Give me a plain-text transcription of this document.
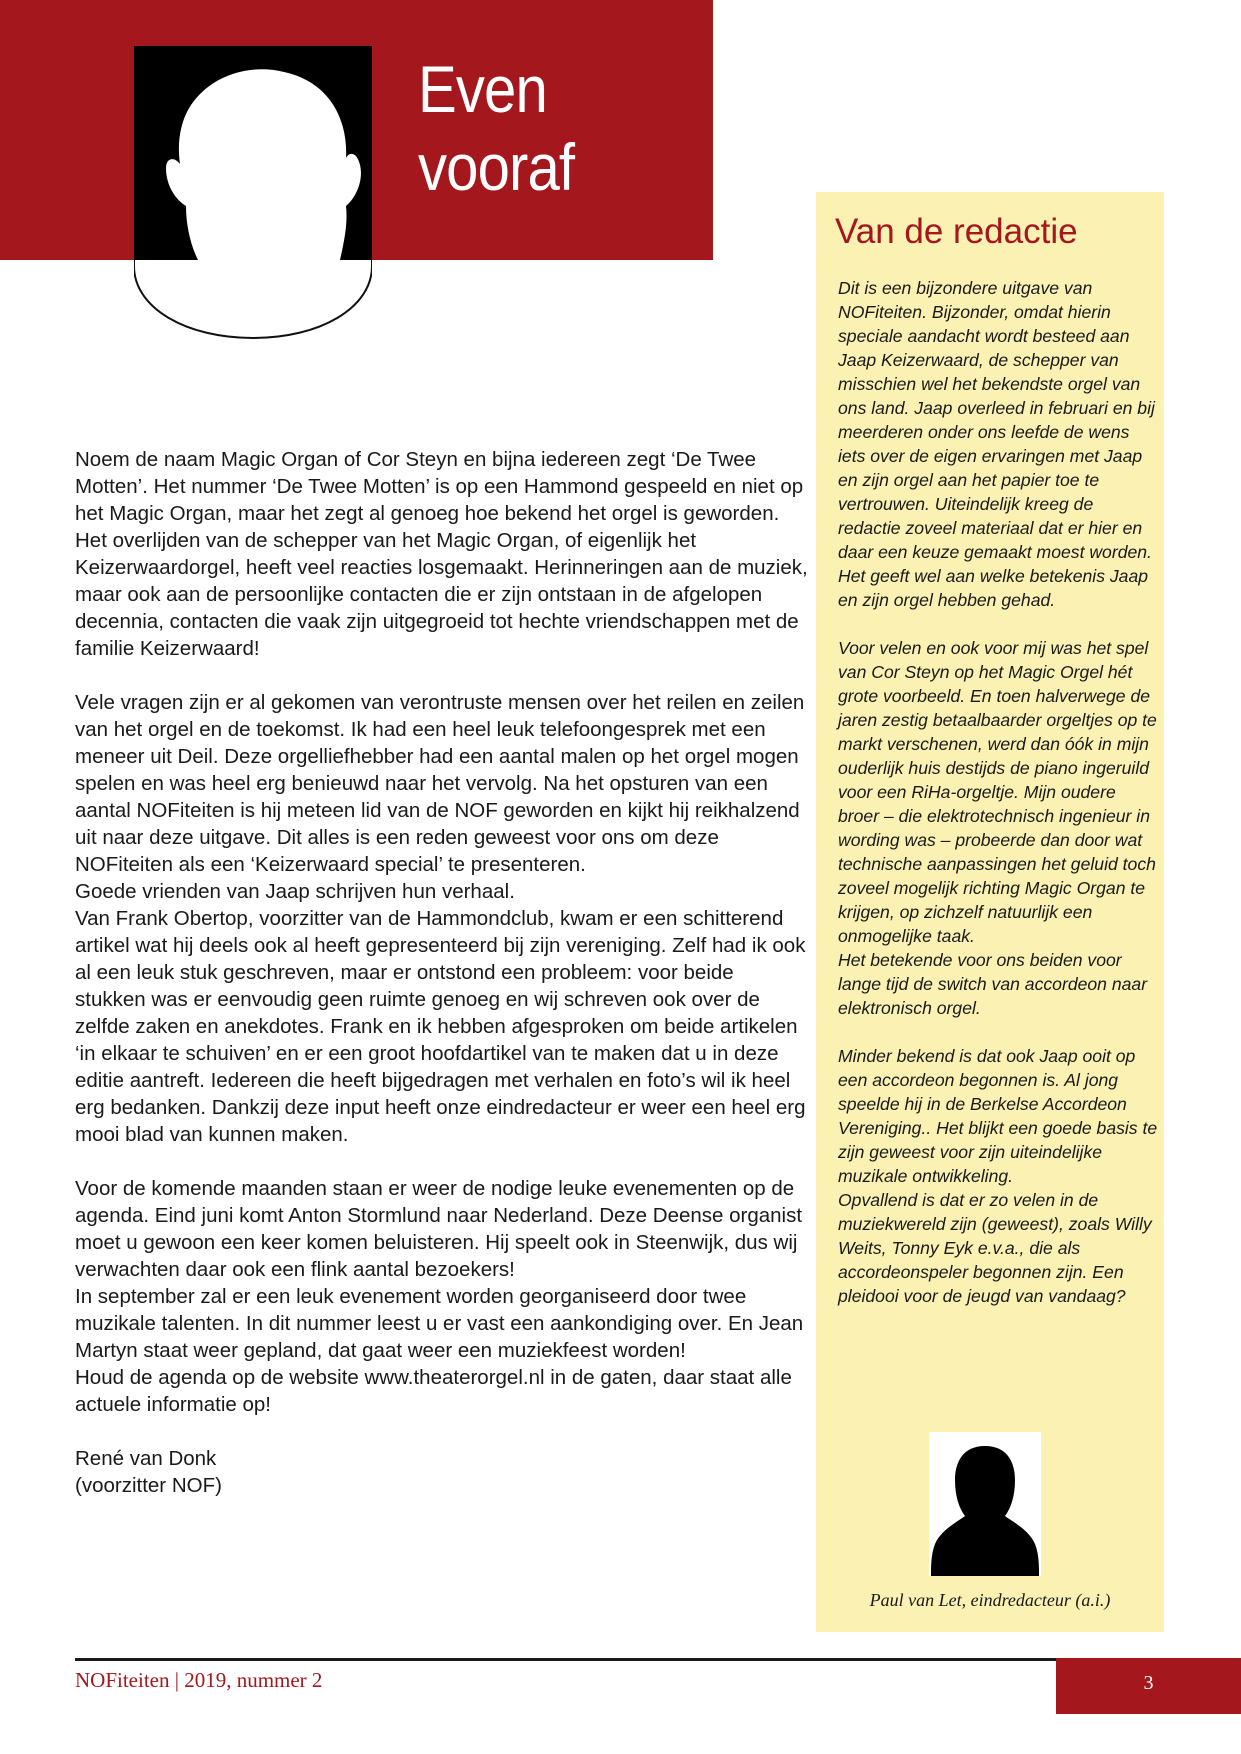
Even
vooraf

Noem de naam Magic Organ of Cor Steyn en bijna iedereen zegt ‘De Twee Motten’. Het nummer ‘De Twee Motten’ is op een Hammond gespeeld en niet op het Magic Organ, maar het zegt al genoeg hoe bekend het orgel is geworden.

Het overlijden van de schepper van het Magic Organ, of eigenlijk het Keizerwaardorgel, heeft veel reacties losgemaakt. Herinneringen aan de muziek, maar ook aan de persoonlijke contacten die er zijn ontstaan in de afgelopen decennia, contacten die vaak zijn uitgegroeid tot hechte vriendschappen met de familie Keizerwaard!

Vele vragen zijn er al gekomen van verontruste mensen over het reilen en zeilen van het orgel en de toekomst. Ik had een heel leuk telefoongesprek met een meneer uit Deil. Deze orgelliefhebber had een aantal malen op het orgel mogen spelen en was heel erg benieuwd naar het vervolg. Na het opsturen van een aantal NOFiteiten is hij meteen lid van de NOF geworden en kijkt hij reikhalzend uit naar deze uitgave. Dit alles is een reden geweest voor ons om deze NOFiteiten als een ‘Keizerwaard special’ te presenteren.

Goede vrienden van Jaap schrijven hun verhaal.

Van Frank Obertop, voorzitter van de Hammondclub, kwam er een schitterend artikel wat hij deels ook al heeft gepresenteerd bij zijn vereniging. Zelf had ik ook al een leuk stuk geschreven, maar er ontstond een probleem: voor beide stukken was er eenvoudig geen ruimte genoeg en wij schreven ook over de zelfde zaken en anekdotes. Frank en ik hebben afgesproken om beide artikelen ‘in elkaar te schuiven’ en er een groot hoofdartikel van te maken dat u in deze editie aantreft. Iedereen die heeft bijgedragen met verhalen en foto’s wil ik heel erg bedanken. Dankzij deze input heeft onze eindredacteur er weer een heel erg mooi blad van kunnen maken.

Voor de komende maanden staan er weer de nodige leuke evenementen op de agenda. Eind juni komt Anton Stormlund naar Nederland. Deze Deense organist moet u gewoon een keer komen beluisteren. Hij speelt ook in Steenwijk, dus wij verwachten daar ook een flink aantal bezoekers!

In september zal er een leuk evenement worden georganiseerd door twee muzikale talenten. In dit nummer leest u er vast een aankondiging over. En Jean Martyn staat weer gepland, dat gaat weer een muziekfeest worden!

Houd de agenda op de website www.theaterorgel.nl in de gaten, daar staat alle actuele informatie op!

René van Donk

(voorzitter NOF)

Van de redactie

Dit is een bijzondere uitgave van NOFiteiten. Bijzonder, omdat hierin speciale aandacht wordt besteed aan Jaap Keizerwaard, de schepper van misschien wel het bekendste orgel van ons land. Jaap overleed in februari en bij meerderen onder ons leefde de wens iets over de eigen ervaringen met Jaap en zijn orgel aan het papier toe te vertrouwen. Uiteindelijk kreeg de redactie zoveel materiaal dat er hier en daar een keuze gemaakt moest worden. Het geeft wel aan welke betekenis Jaap en zijn orgel hebben gehad.

Voor velen en ook voor mij was het spel van Cor Steyn op het Magic Orgel hét grote voorbeeld. En toen halverwege de jaren zestig betaalbaarder orgeltjes op te markt verschenen, werd dan óók in mijn ouderlijk huis destijds de piano ingeruild voor een RiHa-orgeltje. Mijn oudere broer – die elektrotechnisch ingenieur in wording was – probeerde dan door wat technische aanpassingen het geluid toch zoveel mogelijk richting Magic Organ te krijgen, op zichzelf natuurlijk een onmogelijke taak.

Het betekende voor ons beiden voor lange tijd de switch van accordeon naar elektronisch orgel.

Minder bekend is dat ook Jaap ooit op een accordeon begonnen is. Al jong speelde hij in de Berkelse Accordeon Vereniging.. Het blijkt een goede basis te zijn geweest voor zijn uiteindelijke muzikale ontwikkeling.

Opvallend is dat er zo velen in de muziekwereld zijn (geweest), zoals Willy Weits, Tonny Eyk e.v.a., die als accordeonspeler begonnen zijn. Een pleidooi voor de jeugd van vandaag?

Paul van Let, eindredacteur (a.i.)
NOFiteiten | 2019, nummer 2	3
